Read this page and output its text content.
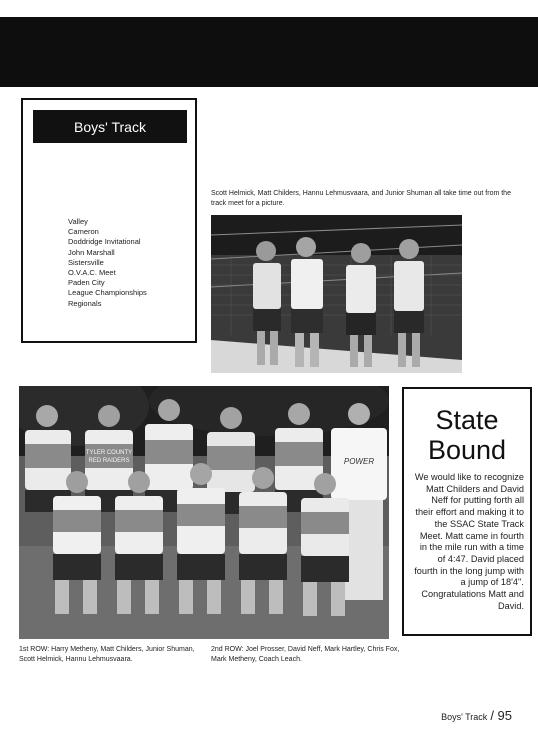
Boys' Track
Valley
Cameron
Doddridge Invitational
John Marshall
Sistersville
O.V.A.C. Meet
Paden City
League Championships
Regionals
Scott Helmick, Matt Childers, Hannu Lehmusvaara, and Junior Shuman all take time out from the track meet for a picture.
TYLER COUNTY
RED RAIDERS	POWER
1st ROW: Harry Metheny, Matt Childers, Junior Shuman, Scott Helmick, Hannu Lehmusvaara.
2nd ROW: Joel Prosser, David Neff, Mark Hartley, Chris Fox, Mark Metheny, Coach Leach.
State
Bound
We would like to recognize Matt Childers and David Neff for putting forth all their effort and making it to the SSAC State Track Meet. Matt came in fourth in the mile run with a time of 4:47. David placed fourth in the long jump with a jump of 18'4''. Congratulations Matt and David.
Boys' Track / 95
